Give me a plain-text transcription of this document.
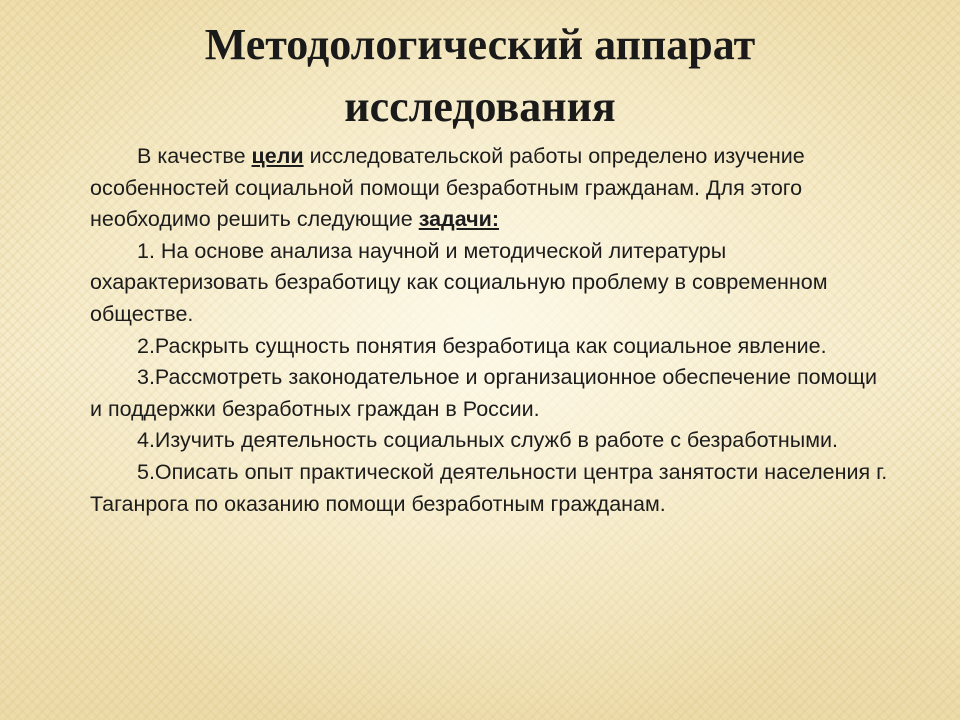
Методологический аппарат
исследования

В качестве цели исследовательской работы определено изучение особенностей социальной помощи безработным гражданам. Для этого необходимо решить следующие задачи:

1. На основе анализа научной и методической литературы охарактеризовать безработицу как социальную проблему в современном обществе.

2.Раскрыть сущность понятия безработица как социальное явление.

3.Рассмотреть законодательное и организационное обеспечение помощи и поддержки безработных граждан в России.

4.Изучить деятельность социальных служб в работе с безработными.

5.Описать опыт практической деятельности центра занятости населения г. Таганрога по оказанию помощи безработным гражданам.
